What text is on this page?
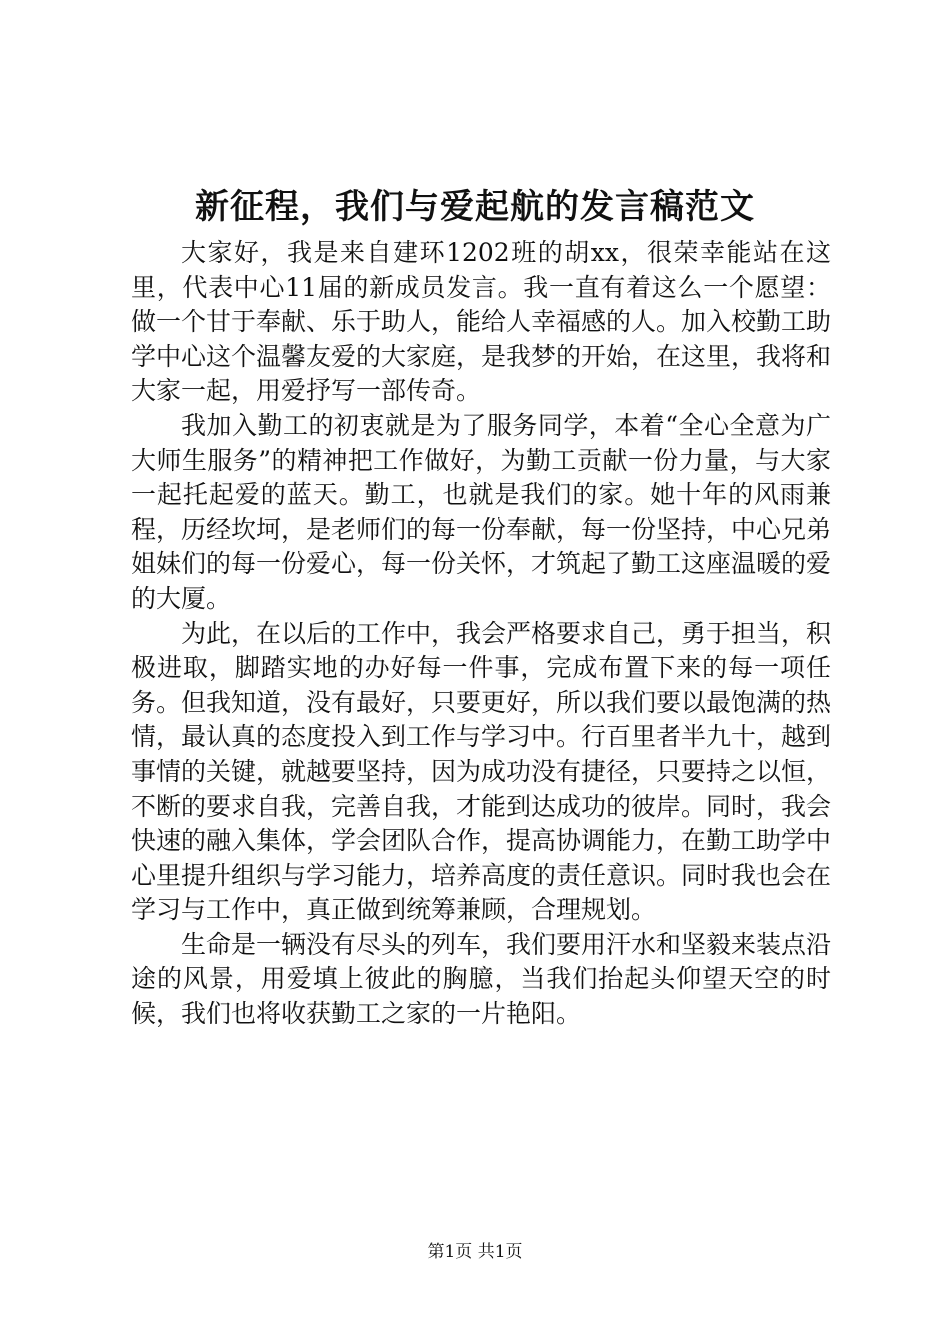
新征程，我们与爱起航的发言稿范文

大家好，我是来自建环1202班的胡xx，很荣幸能站在这里，代表中心11届的新成员发言。我一直有着这么一个愿望：做一个甘于奉献、乐于助人，能给人幸福感的人。加入校勤工助学中心这个温馨友爱的大家庭，是我梦的开始，在这里，我将和大家一起，用爱抒写一部传奇。

我加入勤工的初衷就是为了服务同学，本着“全心全意为广大师生服务”的精神把工作做好，为勤工贡献一份力量，与大家一起托起爱的蓝天。勤工，也就是我们的家。她十年的风雨兼程，历经坎坷，是老师们的每一份奉献，每一份坚持，中心兄弟姐妹们的每一份爱心，每一份关怀，才筑起了勤工这座温暖的爱的大厦。

为此，在以后的工作中，我会严格要求自己，勇于担当，积极进取，脚踏实地的办好每一件事，完成布置下来的每一项任务。但我知道，没有最好，只要更好，所以我们要以最饱满的热情，最认真的态度投入到工作与学习中。行百里者半九十，越到事情的关键，就越要坚持，因为成功没有捷径，只要持之以恒，不断的要求自我，完善自我，才能到达成功的彼岸。同时，我会快速的融入集体，学会团队合作，提高协调能力，在勤工助学中心里提升组织与学习能力，培养高度的责任意识。同时我也会在学习与工作中，真正做到统筹兼顾，合理规划。

生命是一辆没有尽头的列车，我们要用汗水和坚毅来装点沿途的风景，用爱填上彼此的胸臆，当我们抬起头仰望天空的时候，我们也将收获勤工之家的一片艳阳。

第1页 共1页
